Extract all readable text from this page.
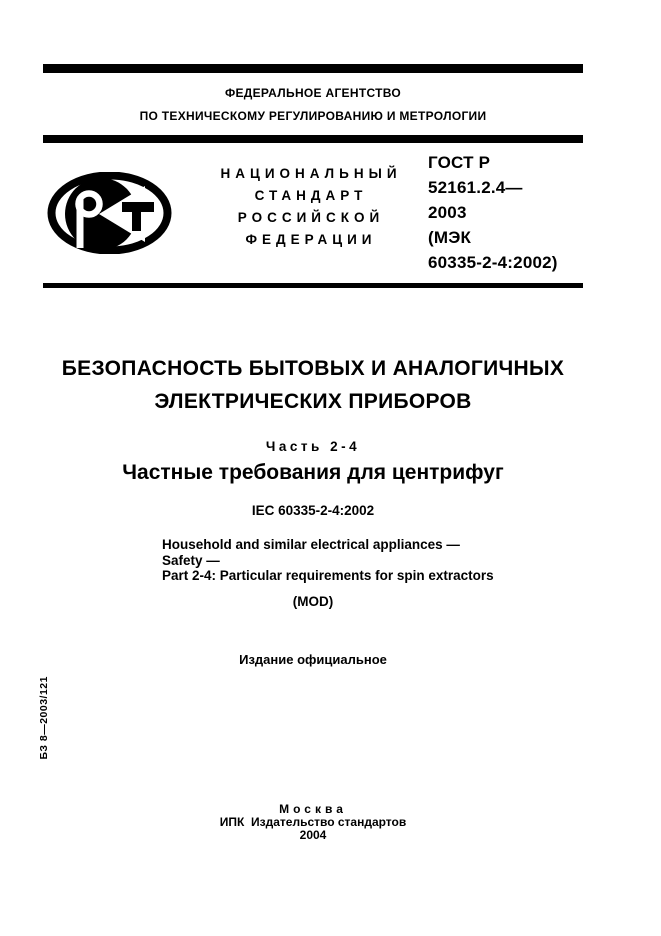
ФЕДЕРАЛЬНОЕ АГЕНТСТВО
ПО ТЕХНИЧЕСКОМУ РЕГУЛИРОВАНИЮ И МЕТРОЛОГИИ
НАЦИОНАЛЬНЫЙ
СТАНДАРТ
РОССИЙСКОЙ
ФЕДЕРАЦИИ
ГОСТ Р
52161.2.4—
2003
(МЭК
60335-2-4:2002)
БЕЗОПАСНОСТЬ БЫТОВЫХ И АНАЛОГИЧНЫХ
ЭЛЕКТРИЧЕСКИХ ПРИБОРОВ
Часть 2-4
Частные требования для центрифуг
IEC 60335-2-4:2002
Household and similar electrical appliances —
Safety —
Part 2-4: Particular requirements for spin extractors
(MOD)
Издание официальное
БЗ 8—2003/121
Москва
ИПК  Издательство стандартов
2004
